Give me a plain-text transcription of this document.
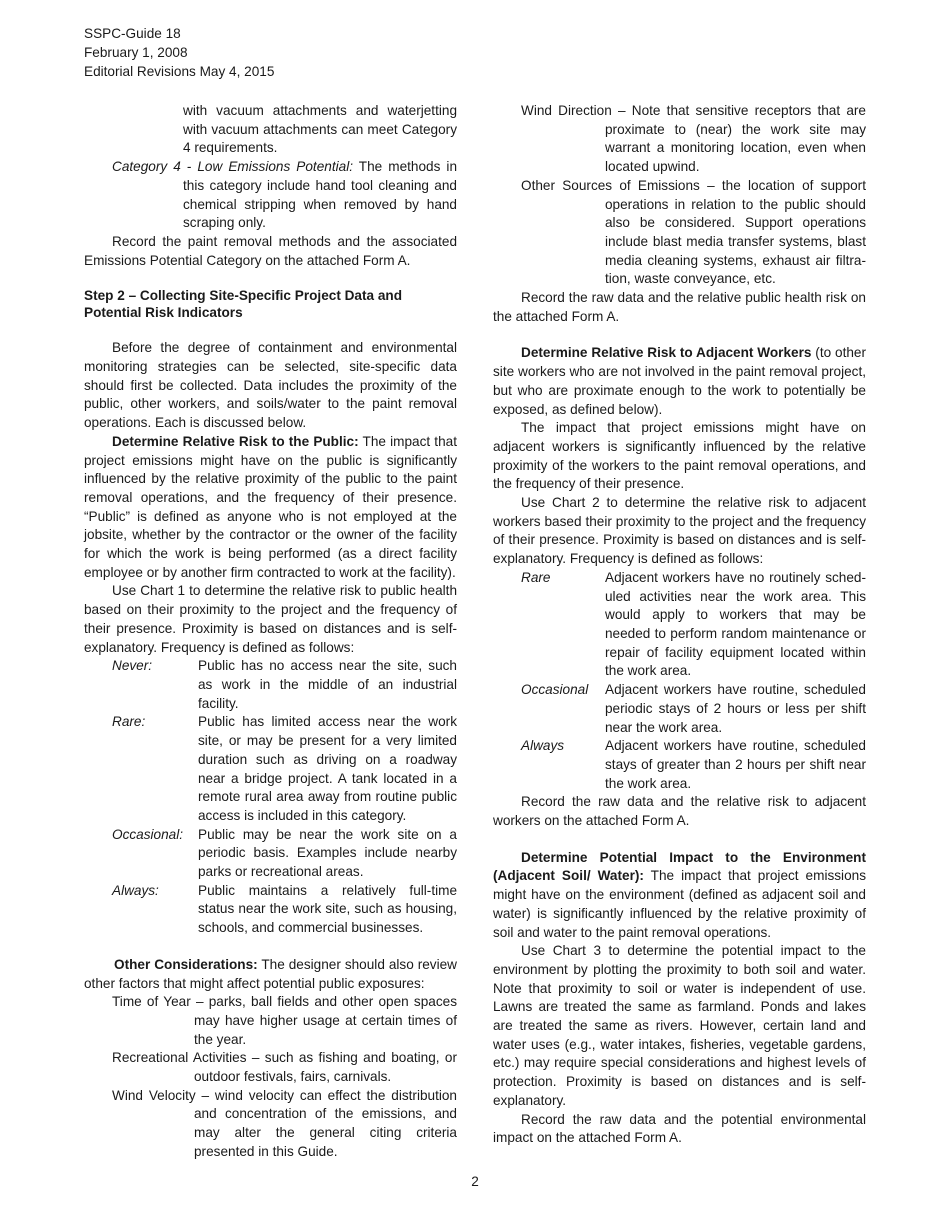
SSPC-Guide 18
February 1, 2008
Editorial Revisions May 4, 2015

with vacuum attachments and waterjetting with vacuum attachments can meet Category 4 requirements.

Category 4 - Low Emissions Potential: The methods in this category include hand tool cleaning and chemical stripping when removed by hand scraping only.

Record the paint removal methods and the associated Emissions Potential Category on the attached Form A.

Step 2 – Collecting Site-Specific Project Data and Potential Risk Indicators

Before the degree of containment and environmental monitoring strategies can be selected, site-specific data should first be collected. Data includes the proximity of the public, other workers, and soils/water to the paint removal operations. Each is discussed below.

Determine Relative Risk to the Public: The impact that project emissions might have on the public is significantly influenced by the relative proximity of the public to the paint removal operations, and the frequency of their presence. “Public” is defined as anyone who is not employed at the jobsite, whether by the contractor or the owner of the facility for which the work is being performed (as a direct facility employee or by another firm contracted to work at the facility).

Use Chart 1 to determine the relative risk to public health based on their proximity to the project and the frequency of their presence. Proximity is based on distances and is self-explanatory. Frequency is defined as follows:

Never:	Public has no access near the site, such as work in the middle of an industrial facility.
Rare:	Public has limited access near the work site, or may be present for a very limited duration such as driving on a roadway near a bridge project. A tank located in a remote rural area away from routine public access is included in this category.
Occasional:	Public may be near the work site on a periodic basis. Examples include nearby parks or recreational areas.
Always:	Public maintains a relatively full-time status near the work site, such as housing, schools, and commercial businesses.

Other Considerations: The designer should also review other factors that might affect potential public exposures:

Time of Year – parks, ball fields and other open spaces may have higher usage at certain times of the year.

Recreational Activities – such as fishing and boating, or outdoor festivals, fairs, carnivals.

Wind Velocity – wind velocity can effect the distribution and concentration of the emissions, and may alter the general citing criteria presented in this Guide.

Wind Direction – Note that sensitive receptors that are proximate to (near) the work site may warrant a monitoring location, even when located upwind.

Other Sources of Emissions – the location of support operations in relation to the public should also be considered. Support operations include blast media transfer systems, blast media cleaning systems, exhaust air filtra-tion, waste conveyance, etc.

Record the raw data and the relative public health risk on the attached Form A.

Determine Relative Risk to Adjacent Workers (to other site workers who are not involved in the paint removal project, but who are proximate enough to the work to potentially be exposed, as defined below).

The impact that project emissions might have on adjacent workers is significantly influenced by the relative proximity of the workers to the paint removal operations, and the frequency of their presence.

Use Chart 2 to determine the relative risk to adjacent workers based their proximity to the project and the frequency of their presence. Proximity is based on distances and is self-explanatory. Frequency is defined as follows:

Rare	Adjacent workers have no routinely sched-uled activities near the work area. This would apply to workers that may be needed to perform random maintenance or repair of facility equipment located within the work area.
Occasional	Adjacent workers have routine, scheduled periodic stays of 2 hours or less per shift near the work area.
Always	Adjacent workers have routine, scheduled stays of greater than 2 hours per shift near the work area.

Record the raw data and the relative risk to adjacent workers on the attached Form A.

Determine Potential Impact to the Environment (Adjacent Soil/ Water): The impact that project emissions might have on the environment (defined as adjacent soil and water) is significantly influenced by the relative proximity of soil and water to the paint removal operations.

Use Chart 3 to determine the potential impact to the environment by plotting the proximity to both soil and water. Note that proximity to soil or water is independent of use. Lawns are treated the same as farmland. Ponds and lakes are treated the same as rivers. However, certain land and water uses (e.g., water intakes, fisheries, vegetable gardens, etc.) may require special considerations and highest levels of protection. Proximity is based on distances and is self-explanatory.

Record the raw data and the potential environmental impact on the attached Form A.

2
